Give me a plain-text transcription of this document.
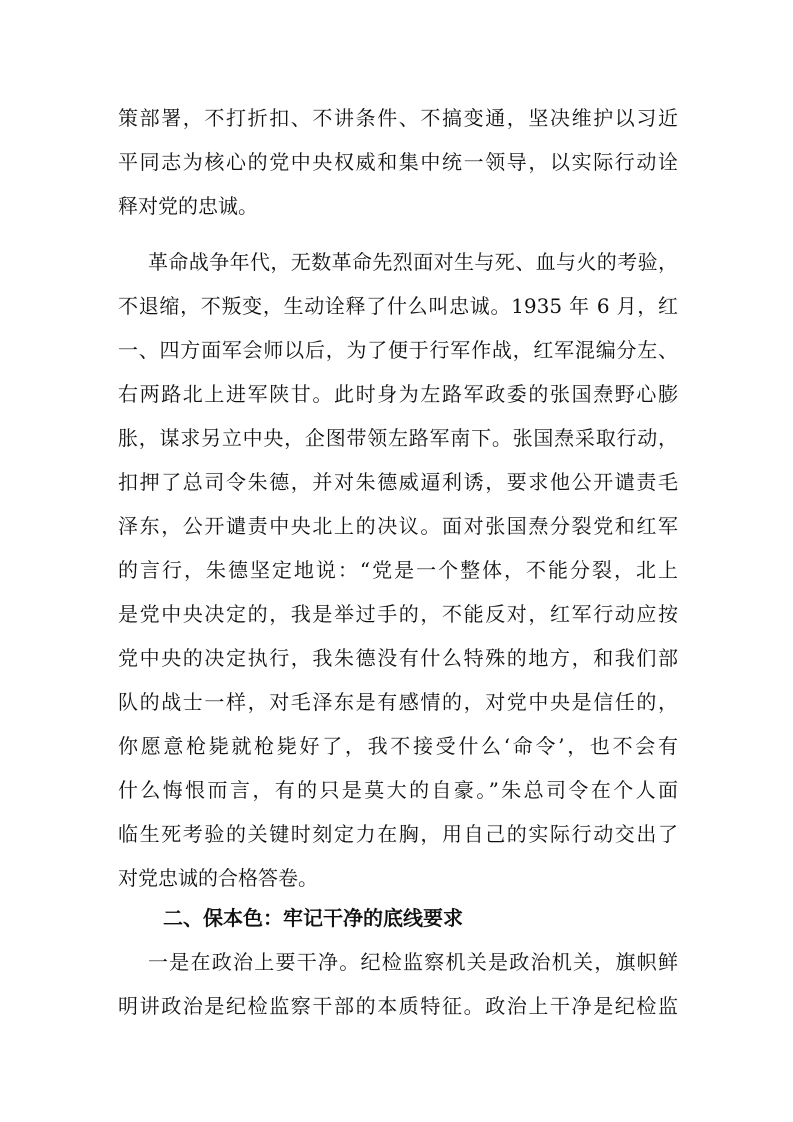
策部署，不打折扣、不讲条件、不搞变通，坚决维护以习近
平同志为核心的党中央权威和集中统一领导，以实际行动诠
释对党的忠诚。
革命战争年代，无数革命先烈面对生与死、血与火的考验，
不退缩，不叛变，生动诠释了什么叫忠诚。1935 年 6 月，红
一、四方面军会师以后，为了便于行军作战，红军混编分左、
右两路北上进军陕甘。此时身为左路军政委的张国焘野心膨
胀，谋求另立中央，企图带领左路军南下。张国焘采取行动，
扣押了总司令朱德，并对朱德威逼利诱，要求他公开谴责毛
泽东，公开谴责中央北上的决议。面对张国焘分裂党和红军
的言行，朱德坚定地说：“党是一个整体，不能分裂，北上
是党中央决定的，我是举过手的，不能反对，红军行动应按
党中央的决定执行，我朱德没有什么特殊的地方，和我们部
队的战士一样，对毛泽东是有感情的，对党中央是信任的，
你愿意枪毙就枪毙好了，我不接受什么‘命令’，也不会有
什么悔恨而言，有的只是莫大的自豪。”朱总司令在个人面
临生死考验的关键时刻定力在胸，用自己的实际行动交出了
对党忠诚的合格答卷。
二、保本色：牢记干净的底线要求
一是在政治上要干净。纪检监察机关是政治机关，旗帜鲜
明讲政治是纪检监察干部的本质特征。政治上干净是纪检监
